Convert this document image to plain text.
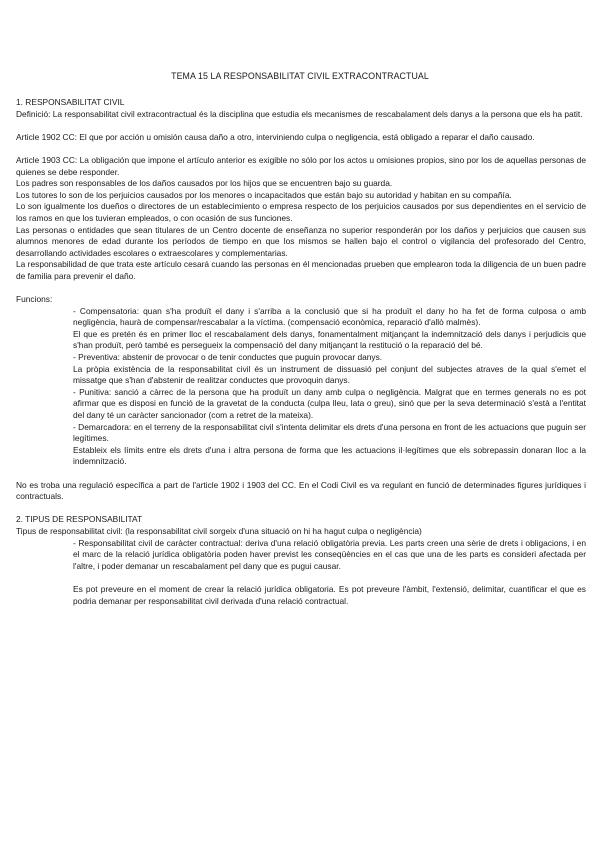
TEMA 15 LA RESPONSABILITAT CIVIL EXTRACONTRACTUAL

1. RESPONSABILITAT CIVIL

Definició: La responsabilitat civil extracontractual és la disciplina que estudia els mecanismes de rescabalament dels danys a la persona que els ha patit.

Article 1902 CC: El que por acción u omisión causa daño a otro, interviniendo culpa o negligencia, está obligado a reparar el daño causado.

Article 1903 CC: La obligación que impone el artículo anterior es exigible no sólo por los actos u omisiones propios, sino por los de aquellas personas de quienes se debe responder.

Los padres son responsables de los daños causados por los hijos que se encuentren bajo su guarda.

Los tutores lo son de los perjuicios causados por los menores o incapacitados que están bajo su autoridad y habitan en su compañía.

Lo son igualmente los dueños o directores de un establecimiento o empresa respecto de los perjuicios causados por sus dependientes en el servicio de los ramos en que los tuvieran empleados, o con ocasión de sus funciones.

Las personas o entidades que sean titulares de un Centro docente de enseñanza no superior responderán por los daños y perjuicios que causen sus alumnos menores de edad durante los períodos de tiempo en que los mismos se hallen bajo el control o vigilancia del profesorado del Centro, desarrollando actividades escolares o extraescolares y complementarias.

La responsabilidad de que trata este artículo cesará cuando las personas en él mencionadas prueben que emplearon toda la diligencia de un buen padre de familia para prevenir el daño.

Funcions:

- Compensatoria: quan s'ha produït el dany i s'arriba a la conclusió que si ha produït el dany ho ha fet de forma culposa o amb negligència, haurà de compensar/rescabalar a la víctima. (compensació econòmica, reparació d'allò malmès).

El que es pretén és en primer lloc el rescabalament dels danys, fonamentalment mitjançant la indemnització dels danys i perjudicis que s'han produït, però també es persegueix la compensació del dany mitjançant la restitució o la reparació del bé.

- Preventiva: abstenir de provocar o de tenir conductes que puguin provocar danys.

La pròpia existència de la responsabilitat civil és un instrument de dissuasió pel conjunt del subjectes atraves de la qual s'emet el missatge que s'han d'abstenir de realitzar conductes que provoquin danys.

- Punitiva: sanció a càrrec de la persona que ha produït un dany amb culpa o negligència. Malgrat que en termes generals no es pot afirmar que es disposi en funció de la gravetat de la conducta (culpa lleu, lata o greu), sinó que per la seva determinació s'està a l'entitat del dany té un caràcter sancionador (com a retret de la mateixa).

- Demarcadora: en el terreny de la responsabilitat civil s'intenta delimitar els drets d'una persona en front de les actuacions que puguin ser legítimes.

Estableix els límits entre els drets d'una i altra persona de forma que les actuacions il·legítimes que els sobrepassin donaran lloc a la indemnització.

No es troba una regulació específica a part de l'article 1902 i 1903 del CC. En el Codi Civil es va regulant en funció de determinades figures jurídiques i contractuals.

2. TIPUS DE RESPONSABILITAT

Tipus de responsabilitat civil: (la responsabilitat civil sorgeix d'una situació on hi ha hagut culpa o negligència)

- Responsabilitat civil de caràcter contractual: deriva d'una relació obligatòria previa. Les parts creen una sèrie de drets i obligacions, i en el marc de la relació jurídica obligatòria poden haver previst les conseqüències en el cas que una de les parts es consideri afectada per l'altre, i poder demanar un rescabalament pel dany que es pugui causar.

Es pot preveure en el moment de crear la relació jurídica obligatoria. Es pot preveure l'àmbit, l'extensió, delimitar, cuantificar el que es podria demanar per responsabilitat civil derivada d'una relació contractual.
